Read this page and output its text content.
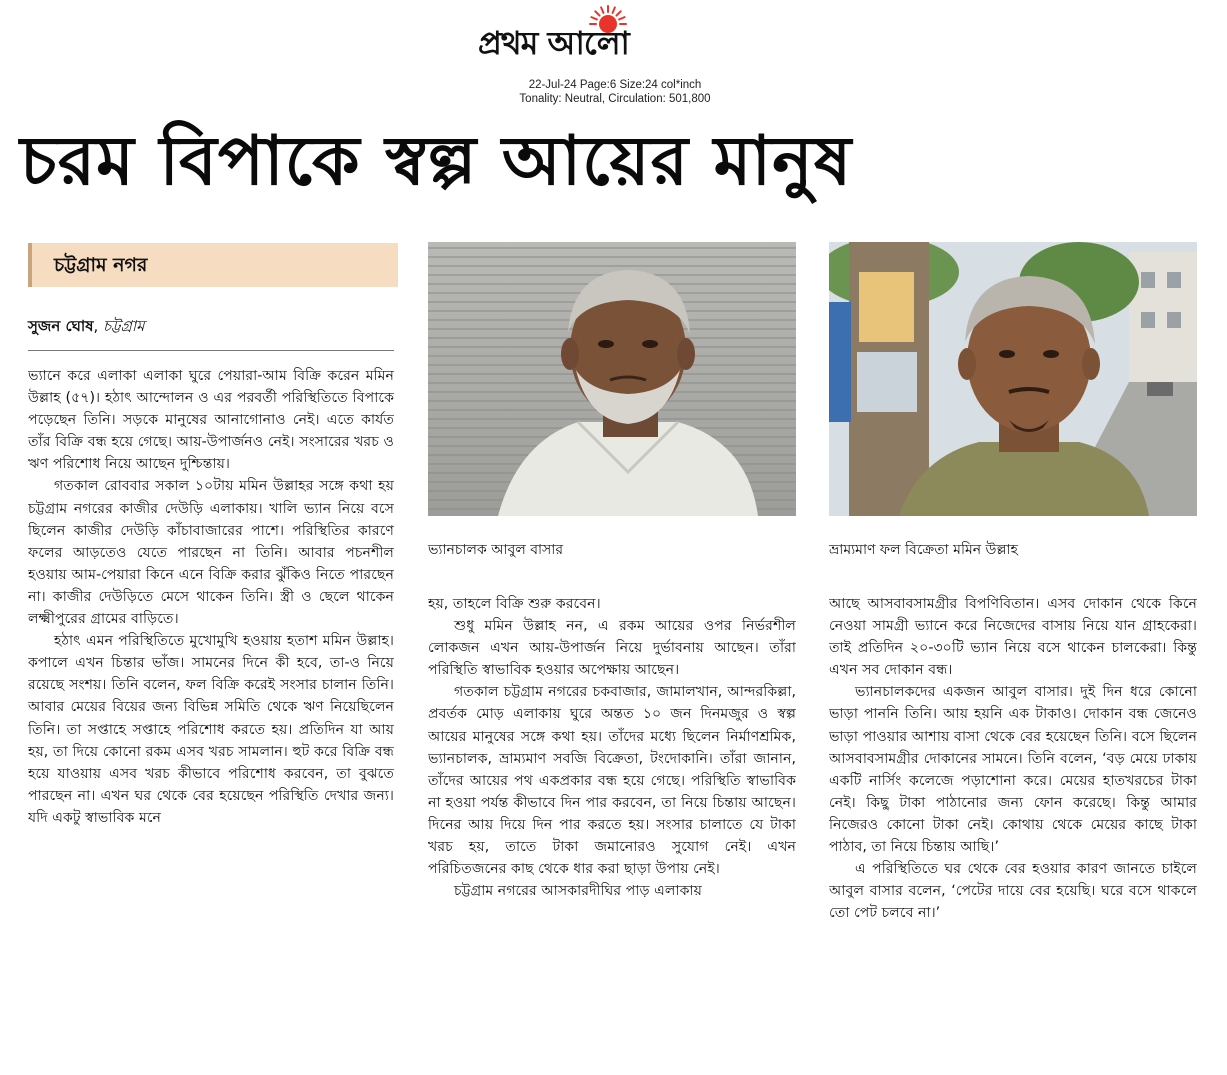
প্রথম আলো
22-Jul-24 Page:6 Size:24 col*inch
Tonality: Neutral, Circulation: 501,800
চরম বিপাকে স্বল্প আয়ের মানুষ
চট্টগ্রাম নগর
সুজন ঘোষ, চট্টগ্রাম

ভ্যানে করে এলাকা এলাকা ঘুরে পেয়ারা-আম বিক্রি করেন মমিন উল্লাহ (৫৭)। হঠাৎ আন্দোলন ও এর পরবর্তী পরিস্থিতিতে বিপাকে পড়েছেন তিনি। সড়কে মানুষের আনাগোনাও নেই। এতে কার্যত তাঁর বিক্রি বন্ধ হয়ে গেছে। আয়-উপার্জনও নেই। সংসারের খরচ ও ঋণ পরিশোধ নিয়ে আছেন দুশ্চিন্তায়।

গতকাল রোববার সকাল ১০টায় মমিন উল্লাহর সঙ্গে কথা হয় চট্টগ্রাম নগরের কাজীর দেউড়ি এলাকায়। খালি ভ্যান নিয়ে বসে ছিলেন কাজীর দেউড়ি কাঁচাবাজারের পাশে। পরিস্থিতির কারণে ফলের আড়তেও যেতে পারছেন না তিনি। আবার পচনশীল হওয়ায় আম-পেয়ারা কিনে এনে বিক্রি করার ঝুঁকিও নিতে পারছেন না। কাজীর দেউড়িতে মেসে থাকেন তিনি। স্ত্রী ও ছেলে থাকেন লক্ষ্মীপুরের গ্রামের বাড়িতে।

হঠাৎ এমন পরিস্থিতিতে মুখোমুখি হওয়ায় হতাশ মমিন উল্লাহ। কপালে এখন চিন্তার ভাঁজ। সামনের দিনে কী হবে, তা-ও নিয়ে রয়েছে সংশয়। তিনি বলেন, ফল বিক্রি করেই সংসার চালান তিনি। আবার মেয়ের বিয়ের জন্য বিভিন্ন সমিতি থেকে ঋণ নিয়েছিলেন তিনি। তা সপ্তাহে সপ্তাহে পরিশোধ করতে হয়। প্রতিদিন যা আয় হয়, তা দিয়ে কোনো রকম এসব খরচ সামলান। হুট করে বিক্রি বন্ধ হয়ে যাওয়ায় এসব খরচ কীভাবে পরিশোধ করবেন, তা বুঝতে পারছেন না। এখন ঘর থেকে বের হয়েছেন পরিস্থিতি দেখার জন্য। যদি একটু স্বাভাবিক মনে

ভ্যানচালক আবুল বাসার	ভ্রাম্যমাণ ফল বিক্রেতা মমিন উল্লাহ

হয়, তাহলে বিক্রি শুরু করবেন।

শুধু মমিন উল্লাহ নন, এ রকম আয়ের ওপর নির্ভরশীল লোকজন এখন আয়-উপার্জন নিয়ে দুর্ভাবনায় আছেন। তাঁরা পরিস্থিতি স্বাভাবিক হওয়ার অপেক্ষায় আছেন।

গতকাল চট্টগ্রাম নগরের চকবাজার, জামালখান, আন্দরকিল্লা, প্রবর্তক মোড় এলাকায় ঘুরে অন্তত ১০ জন দিনমজুর ও স্বল্প আয়ের মানুষের সঙ্গে কথা হয়। তাঁদের মধ্যে ছিলেন নির্মাণশ্রমিক, ভ্যানচালক, ভ্রাম্যমাণ সবজি বিক্রেতা, টংদোকানি। তাঁরা জানান, তাঁদের আয়ের পথ একপ্রকার বন্ধ হয়ে গেছে। পরিস্থিতি স্বাভাবিক না হওয়া পর্যন্ত কীভাবে দিন পার করবেন, তা নিয়ে চিন্তায় আছেন। দিনের আয় দিয়ে দিন পার করতে হয়। সংসার চালাতে যে টাকা খরচ হয়, তাতে টাকা জমানোরও সুযোগ নেই। এখন পরিচিতজনের কাছ থেকে ধার করা ছাড়া উপায় নেই।

চট্টগ্রাম নগরের আসকারদীঘির পাড় এলাকায়

আছে আসবাবসামগ্রীর বিপণিবিতান। এসব দোকান থেকে কিনে নেওয়া সামগ্রী ভ্যানে করে নিজেদের বাসায় নিয়ে যান গ্রাহকেরা। তাই প্রতিদিন ২০-৩০টি ভ্যান নিয়ে বসে থাকেন চালকেরা। কিন্তু এখন সব দোকান বন্ধ।

ভ্যানচালকদের একজন আবুল বাসার। দুই দিন ধরে কোনো ভাড়া পাননি তিনি। আয় হয়নি এক টাকাও। দোকান বন্ধ জেনেও ভাড়া পাওয়ার আশায় বাসা থেকে বের হয়েছেন তিনি। বসে ছিলেন আসবাবসামগ্রীর দোকানের সামনে। তিনি বলেন, ‘বড় মেয়ে ঢাকায় একটি নার্সিং কলেজে পড়াশোনা করে। মেয়ের হাতখরচের টাকা নেই। কিছু টাকা পাঠানোর জন্য ফোন করেছে। কিন্তু আমার নিজেরও কোনো টাকা নেই। কোথায় থেকে মেয়ের কাছে টাকা পাঠাব, তা নিয়ে চিন্তায় আছি।’

এ পরিস্থিতিতে ঘর থেকে বের হওয়ার কারণ জানতে চাইলে আবুল বাসার বলেন, ‘পেটের দায়ে বের হয়েছি। ঘরে বসে থাকলে তো পেট চলবে না।’
